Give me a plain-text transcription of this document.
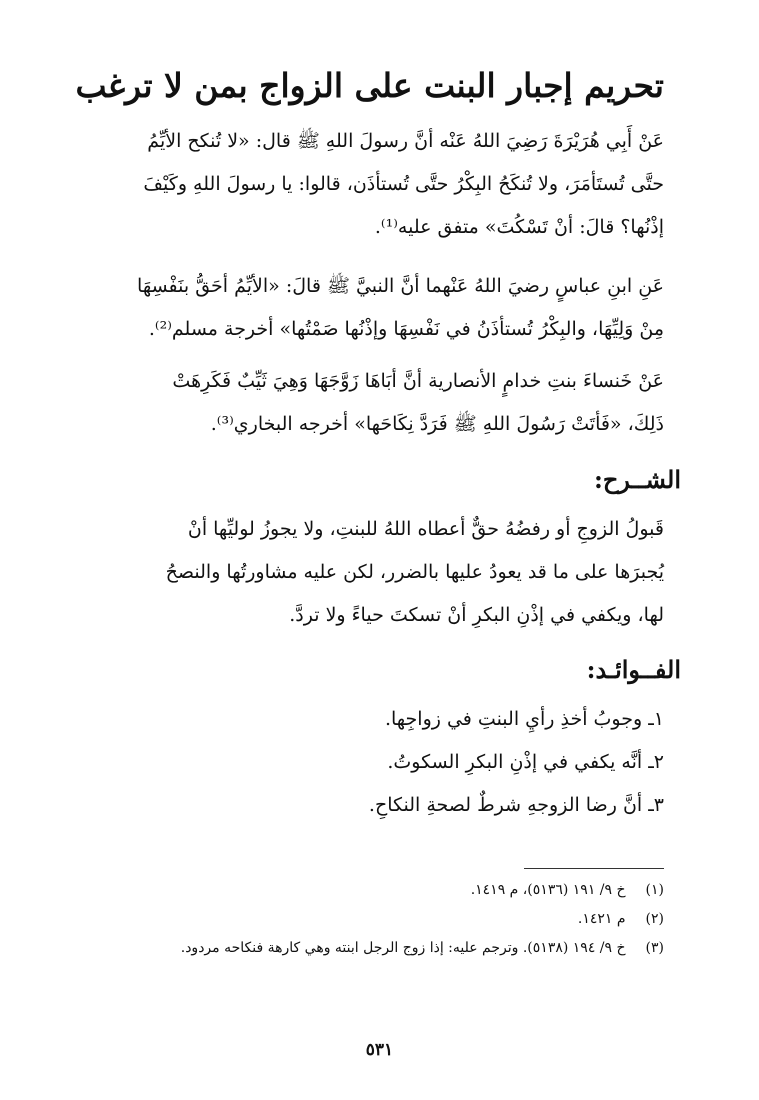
تحريم إجبار البنت على الزواج بمن لا ترغب
عَنْ أَبِي هُرَيْرَةَ رَضِيَ اللهُ عَنْه أنَّ رسولَ اللهِ ﷺ قال: «لا تُنكح الأيِّمُ
حتَّى تُستَأمَرَ، ولا تُنكَحُ البِكْرُ حتَّى تُستأذَن، قالوا: يا رسولَ اللهِ وكَيْفَ
إذْنُها؟ قالَ: أنْ تَسْكُتَ» متفق عليه⁽¹⁾.
عَنِ ابنِ عباسٍ رضيَ اللهُ عَنْهما أنَّ النبيَّ ﷺ قالَ: «الأيِّمُ أحَقُّ بنَفْسِهَا
مِنْ وَلِيِّهَا، والبِكْرُ تُستأذَنُ في نَفْسِهَا وإذْنُها صَمْتُها» أخرجة مسلم⁽²⁾.
عَنْ خَنساءَ بنتِ خدامٍ الأنصارية أنَّ أبَاهَا زَوَّجَهَا وَهِيَ ثَيِّبٌ فَكَرِهَتْ
ذَلِكَ، «فَأتَتْ رَسُولَ اللهِ ﷺ فَرَدَّ نِكَاحَها» أخرجه البخاري⁽³⁾.
الشــرح:
قَبولُ الزوجِ أو رفضُهُ حقٌّ أعطاه اللهُ للبنتِ، ولا يجوزُ لوليِّها أنْ
يُجبرَها على ما قد يعودُ عليها بالضرر، لكن عليه مشاورتُها والنصحُ
لها، ويكفي في إذْنِ البكرِ أنْ تسكتَ حياءً ولا تردَّ.
الفــوائـد:
١ـ وجوبُ أخذِ رأيِ البنتِ في زواجِها.
٢ـ أنَّه يكفي في إذْنِ البكرِ السكوتُ.
٣ـ أنَّ رضا الزوجهِ شرطٌ لصحةِ النكاحِ.
(١) خ ٩/ ١٩١ (٥١٣٦)، م ١٤١٩.
(٢) م ١٤٢١.
(٣) خ ٩/ ١٩٤ (٥١٣٨). وترجم عليه: إذا زوج الرجل ابنته وهي كارهة فنكاحه مردود.
٥٣١
